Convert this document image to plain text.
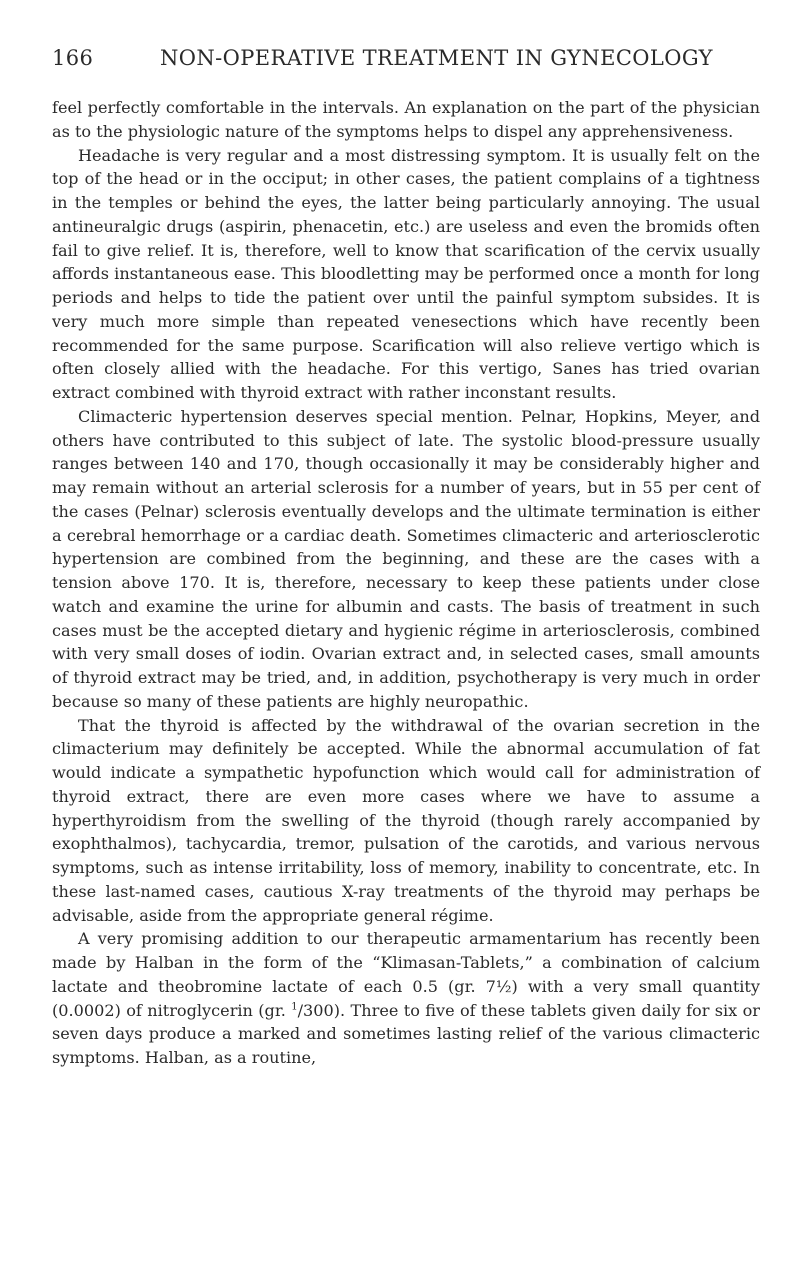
166	NON-OPERATIVE TREATMENT IN GYNECOLOGY

feel perfectly comfortable in the intervals. An explanation on the part of the physician as to the physiologic nature of the symptoms helps to dispel any apprehensiveness.

Headache is very regular and a most distressing symptom. It is usually felt on the top of the head or in the occiput; in other cases, the patient complains of a tightness in the temples or behind the eyes, the latter being particularly annoying. The usual antineuralgic drugs (aspirin, phenacetin, etc.) are useless and even the bromids often fail to give relief. It is, therefore, well to know that scarification of the cervix usually affords instantaneous ease. This bloodletting may be performed once a month for long periods and helps to tide the patient over until the painful symptom subsides. It is very much more simple than repeated venesections which have recently been recommended for the same purpose. Scarification will also relieve vertigo which is often closely allied with the headache. For this vertigo, Sanes has tried ovarian extract combined with thyroid extract with rather inconstant results.

Climacteric hypertension deserves special mention. Pelnar, Hopkins, Meyer, and others have contributed to this subject of late. The systolic blood-pressure usually ranges between 140 and 170, though occasionally it may be considerably higher and may remain without an arterial sclerosis for a number of years, but in 55 per cent of the cases (Pelnar) sclerosis eventually develops and the ultimate termination is either a cerebral hemorrhage or a cardiac death. Sometimes climacteric and arteriosclerotic hypertension are combined from the beginning, and these are the cases with a tension above 170. It is, therefore, necessary to keep these patients under close watch and examine the urine for albumin and casts. The basis of treatment in such cases must be the accepted dietary and hygienic régime in arteriosclerosis, combined with very small doses of iodin. Ovarian extract and, in selected cases, small amounts of thyroid extract may be tried, and, in addition, psychotherapy is very much in order because so many of these patients are highly neuropathic.

That the thyroid is affected by the withdrawal of the ovarian secretion in the climacterium may definitely be accepted. While the abnormal accumulation of fat would indicate a sympathetic hypofunction which would call for administration of thyroid extract, there are even more cases where we have to assume a hyperthyroidism from the swelling of the thyroid (though rarely accompanied by exophthalmos), tachycardia, tremor, pulsation of the carotids, and various nervous symptoms, such as intense irritability, loss of memory, inability to concentrate, etc. In these last-named cases, cautious X-ray treatments of the thyroid may perhaps be advisable, aside from the appropriate general régime.

A very promising addition to our therapeutic armamentarium has recently been made by Halban in the form of the “Klimasan-Tablets,” a combination of calcium lactate and theobromine lactate of each 0.5 (gr. 7½) with a very small quantity (0.0002) of nitroglycerin (gr. $^1$/300). Three to five of these tablets given daily for six or seven days produce a marked and sometimes lasting relief of the various climacteric symptoms. Halban, as a routine,
